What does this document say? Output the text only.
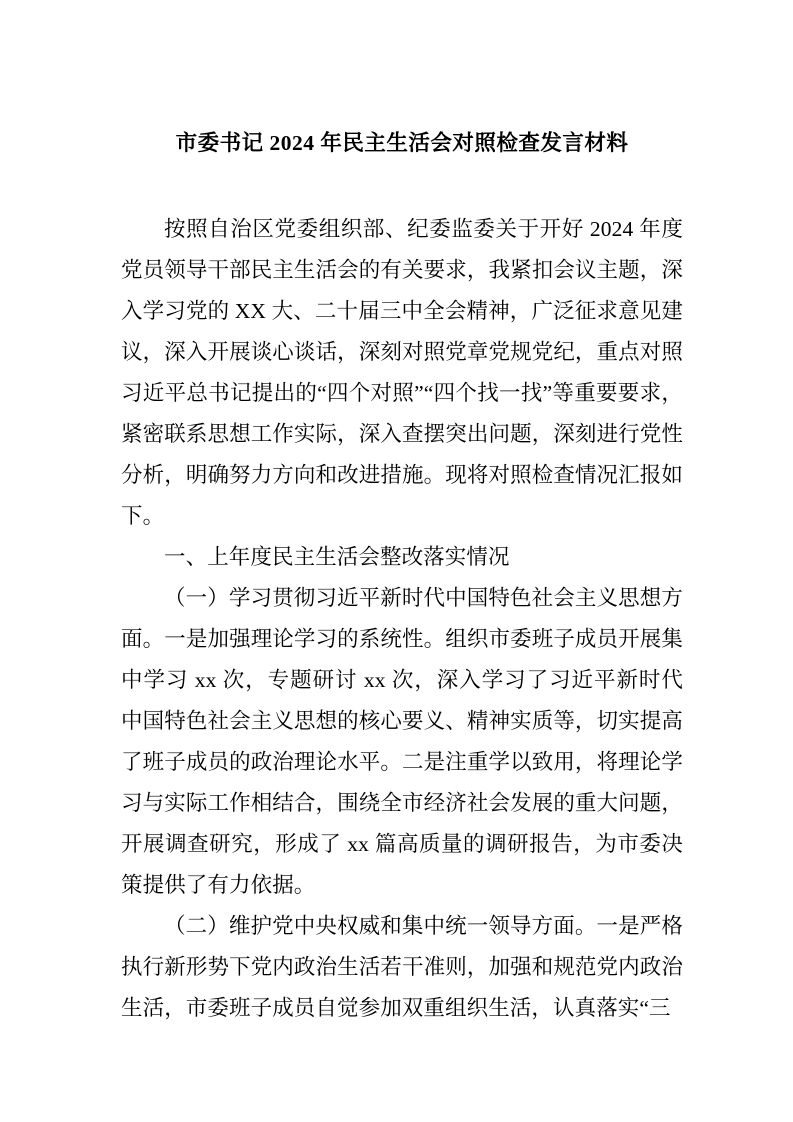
市委书记 2024 年民主生活会对照检查发言材料

按照自治区党委组织部、纪委监委关于开好 2024 年度党员领导干部民主生活会的有关要求，我紧扣会议主题，深入学习党的 XX 大、二十届三中全会精神，广泛征求意见建议，深入开展谈心谈话，深刻对照党章党规党纪，重点对照习近平总书记提出的“四个对照”“四个找一找”等重要要求，紧密联系思想工作实际，深入查摆突出问题，深刻进行党性分析，明确努力方向和改进措施。现将对照检查情况汇报如下。

一、上年度民主生活会整改落实情况

（一）学习贯彻习近平新时代中国特色社会主义思想方面。一是加强理论学习的系统性。组织市委班子成员开展集中学习 xx 次，专题研讨 xx 次，深入学习了习近平新时代中国特色社会主义思想的核心要义、精神实质等，切实提高了班子成员的政治理论水平。二是注重学以致用，将理论学习与实际工作相结合，围绕全市经济社会发展的重大问题，开展调查研究，形成了 xx 篇高质量的调研报告，为市委决策提供了有力依据。

（二）维护党中央权威和集中统一领导方面。一是严格执行新形势下党内政治生活若干准则，加强和规范党内政治生活，市委班子成员自觉参加双重组织生活，认真落实“三
